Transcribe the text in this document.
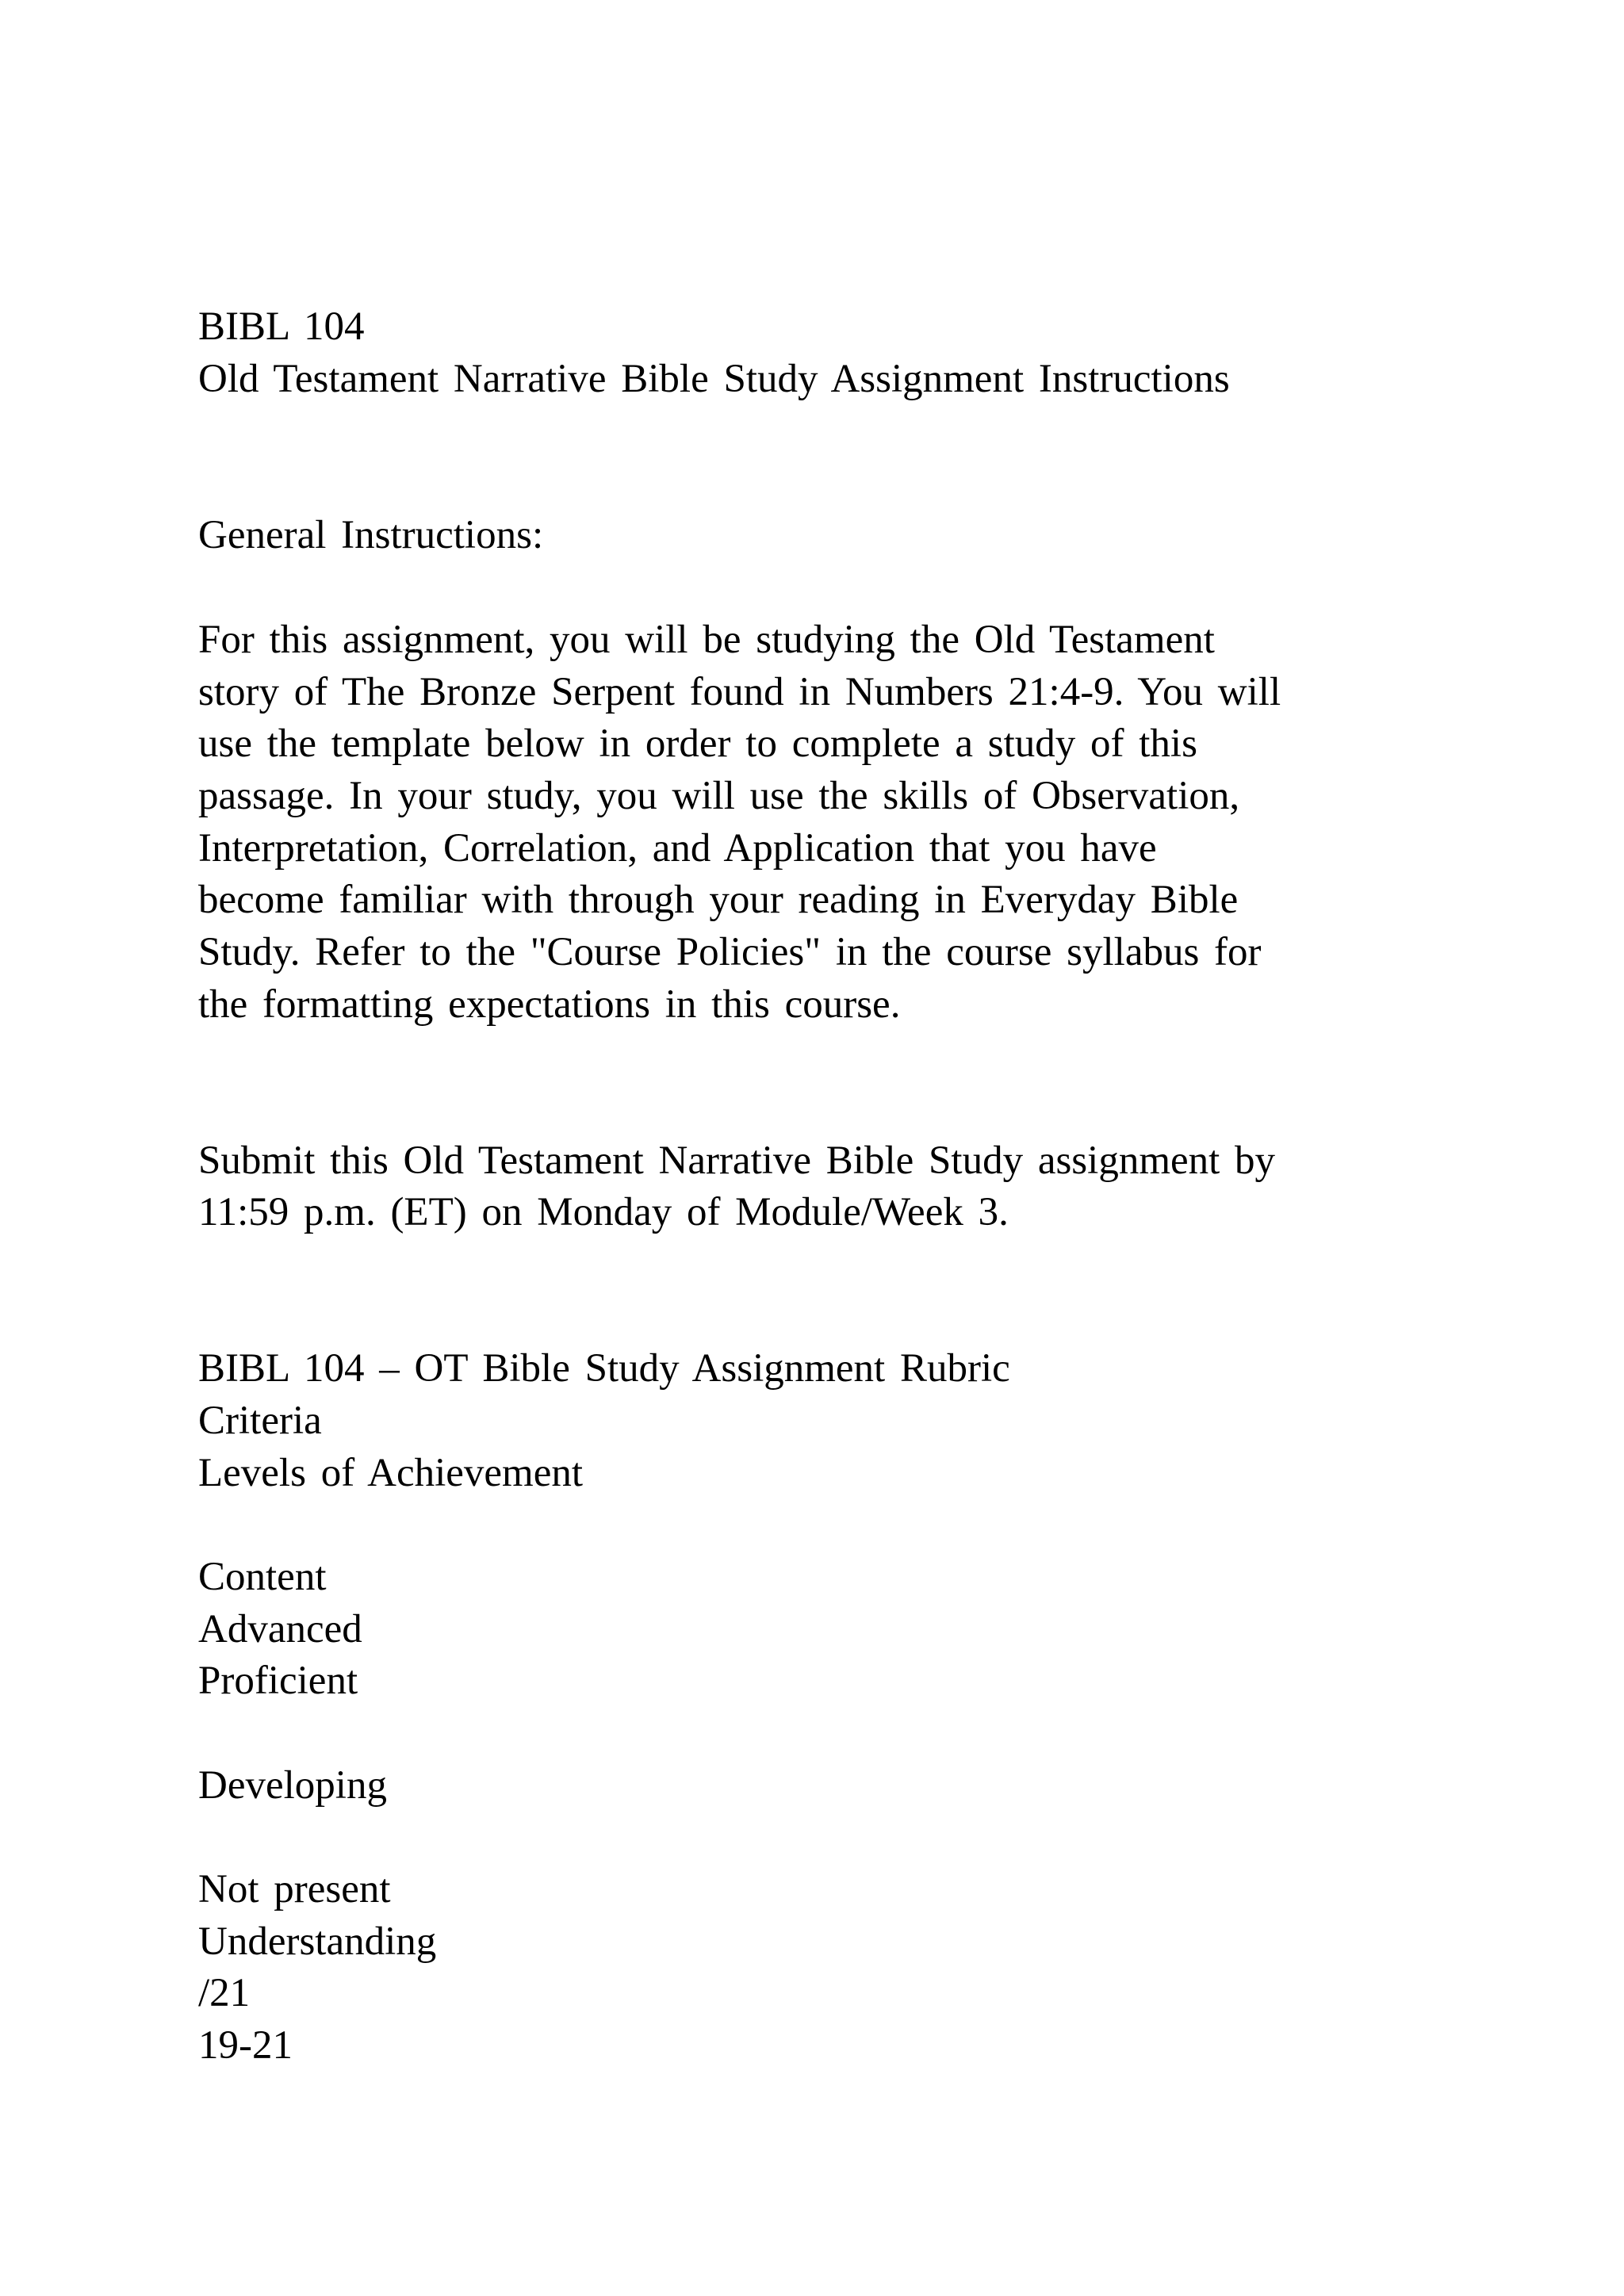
BIBL 104

Old Testament Narrative Bible Study Assignment Instructions

General Instructions:

For this assignment, you will be studying the Old Testament

story of The Bronze Serpent found in Numbers 21:4-9. You will

use the template below in order to complete a study of this

passage. In your study, you will use the skills of Observation,

Interpretation, Correlation, and Application that you have

become familiar with through your reading in Everyday Bible

Study. Refer to the "Course Policies" in the course syllabus for

the formatting expectations in this course.

Submit this Old Testament Narrative Bible Study assignment by

11:59 p.m. (ET) on Monday of Module/Week 3.

BIBL 104 – OT Bible Study Assignment Rubric

Criteria

Levels of Achievement

Content

Advanced

Proficient

Developing

Not present

Understanding

/21

19-21
